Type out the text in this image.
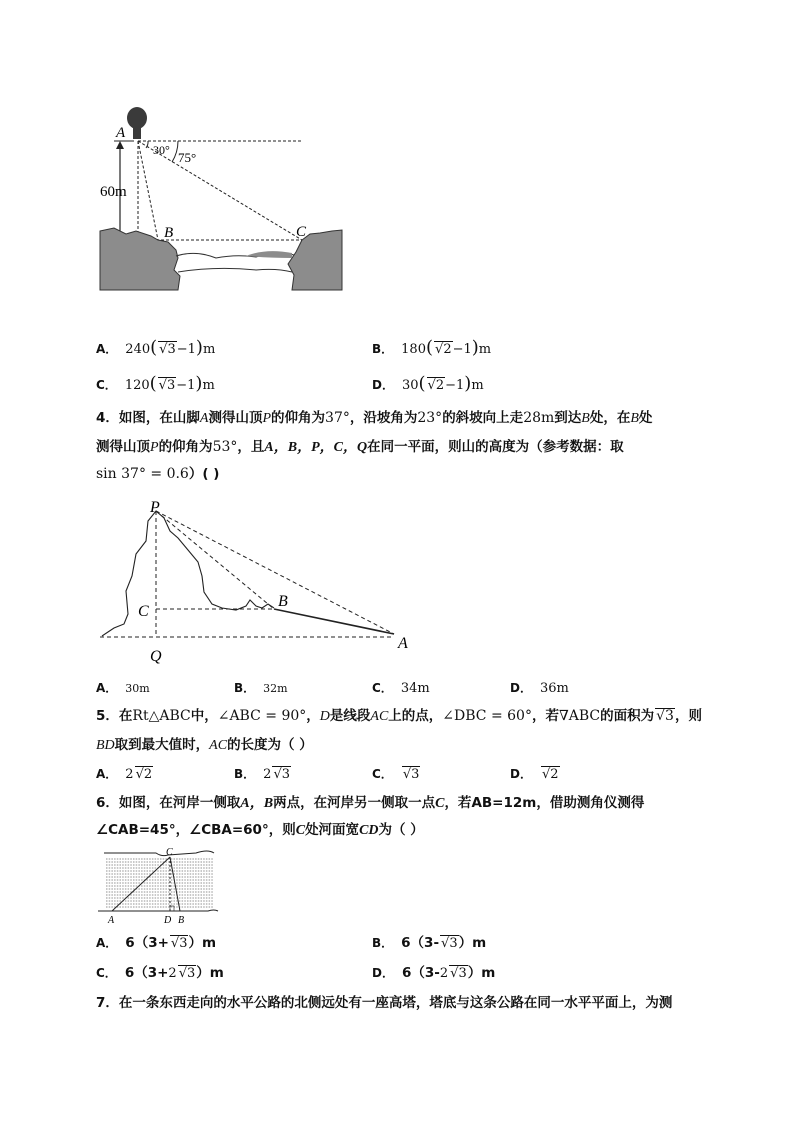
A
B	C
60m
30° 75°
A． 240( √ 3−1)m	B． 180( √ 2−1)m
C． 120( √ 3−1)m	D． 30( √ 2−1)m
4．如图，在山脚A测得山顶P的仰角为37°，沿坡角为23°的斜坡向上走28m到达B处，在B处
测得山顶P的仰角为53°，且A，B，P，C，Q在同一平面，则山的高度为（参考数据：取
sin 37° = 0.6）( )
P
C
B
A
Q
A． 30m	B． 32m	C． 34m	D． 36m
5．在Rt△ABC中，∠ABC = 90°，D是线段AC上的点，∠DBC = 60°，若∇ABC的面积为 √ 3，则
BD取到最大值时，AC的长度为（ ）
A． 2 √ 2	B． 2 √ 3	C． √ 3	D． √ 2
6．如图，在河岸一侧取A，B两点，在河岸另一侧取一点C，若AB=12m，借助测角仪测得
∠CAB=45°，∠CBA=60°，则C处河面宽CD为（ ）
C
A	D B
A． 6（3+ √ 3）m	B． 6（3- √ 3）m
C． 6（3+2 √ 3）m	D． 6（3-2 √ 3）m
7．在一条东西走向的水平公路的北侧远处有一座高塔，塔底与这条公路在同一水平平面上，为测
